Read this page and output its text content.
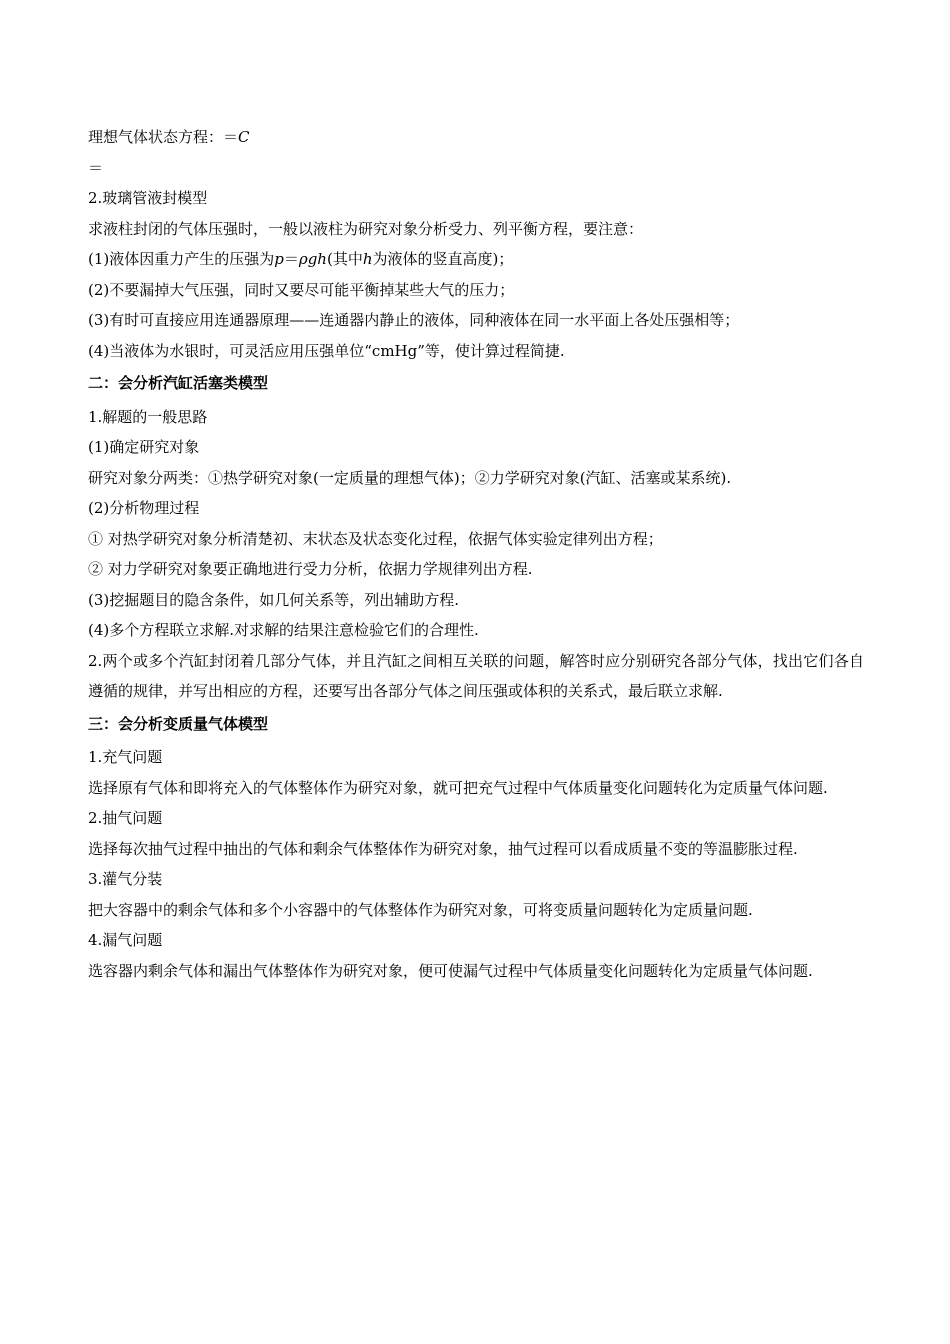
理想气体状态方程：＝C
＝
2.玻璃管液封模型
求液柱封闭的气体压强时，一般以液柱为研究对象分析受力、列平衡方程，要注意：
(1)液体因重力产生的压强为p＝ρgh(其中h为液体的竖直高度)；
(2)不要漏掉大气压强，同时又要尽可能平衡掉某些大气的压力；
(3)有时可直接应用连通器原理——连通器内静止的液体，同种液体在同一水平面上各处压强相等；
(4)当液体为水银时，可灵活应用压强单位“cmHg”等，使计算过程简捷.
二：会分析汽缸活塞类模型
1.解题的一般思路
(1)确定研究对象
研究对象分两类：①热学研究对象(一定质量的理想气体)；②力学研究对象(汽缸、活塞或某系统).
(2)分析物理过程
① 对热学研究对象分析清楚初、末状态及状态变化过程，依据气体实验定律列出方程；
② 对力学研究对象要正确地进行受力分析，依据力学规律列出方程.
(3)挖掘题目的隐含条件，如几何关系等，列出辅助方程.
(4)多个方程联立求解.对求解的结果注意检验它们的合理性.
2.两个或多个汽缸封闭着几部分气体，并且汽缸之间相互关联的问题，解答时应分别研究各部分气体，找出它们各自遵循的规律，并写出相应的方程，还要写出各部分气体之间压强或体积的关系式，最后联立求解.
三：会分析变质量气体模型
1.充气问题
选择原有气体和即将充入的气体整体作为研究对象，就可把充气过程中气体质量变化问题转化为定质量气体问题.
2.抽气问题
选择每次抽气过程中抽出的气体和剩余气体整体作为研究对象，抽气过程可以看成质量不变的等温膨胀过程.
3.灌气分装
把大容器中的剩余气体和多个小容器中的气体整体作为研究对象，可将变质量问题转化为定质量问题.
4.漏气问题
选容器内剩余气体和漏出气体整体作为研究对象，便可使漏气过程中气体质量变化问题转化为定质量气体问题.
